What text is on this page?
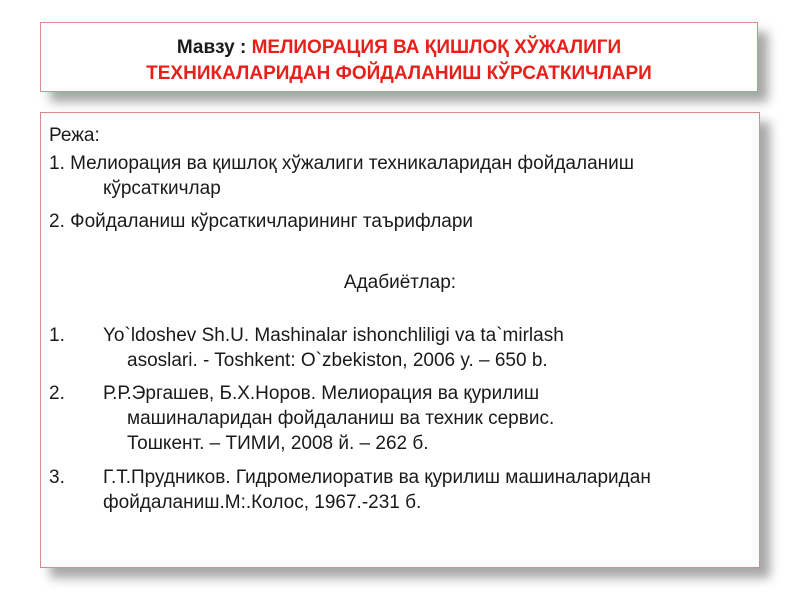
Мавзу : МЕЛИОРАЦИЯ ВА ҚИШЛОҚ ХЎЖАЛИГИ
ТЕХНИКАЛАРИДАН ФОЙДАЛАНИШ КЎРСАТКИЧЛАРИ
Режа:
1. Мелиорация ва қишлоқ хўжалиги техникаларидан фойдаланиш
кўрсаткичлар
2. Фойдаланиш кўрсаткичларининг таърифлари
Адабиётлар:
1. Yo`ldoshev Sh.U. Mashinalar ishonchliligi va ta`mirlash
asoslari. - Toshkent: O`zbekiston, 2006 y. – 650 b.
2. Р.Р.Эргашев, Б.Х.Норов. Мелиорация ва қурилиш
машиналаридан фойдаланиш ва техник сервис.
Тошкент. – ТИМИ, 2008 й. – 262 б.
3. Г.Т.Прудников. Гидромелиоратив ва қурилиш машиналаридан
фойдаланиш.М:.Колос, 1967.-231 б.
